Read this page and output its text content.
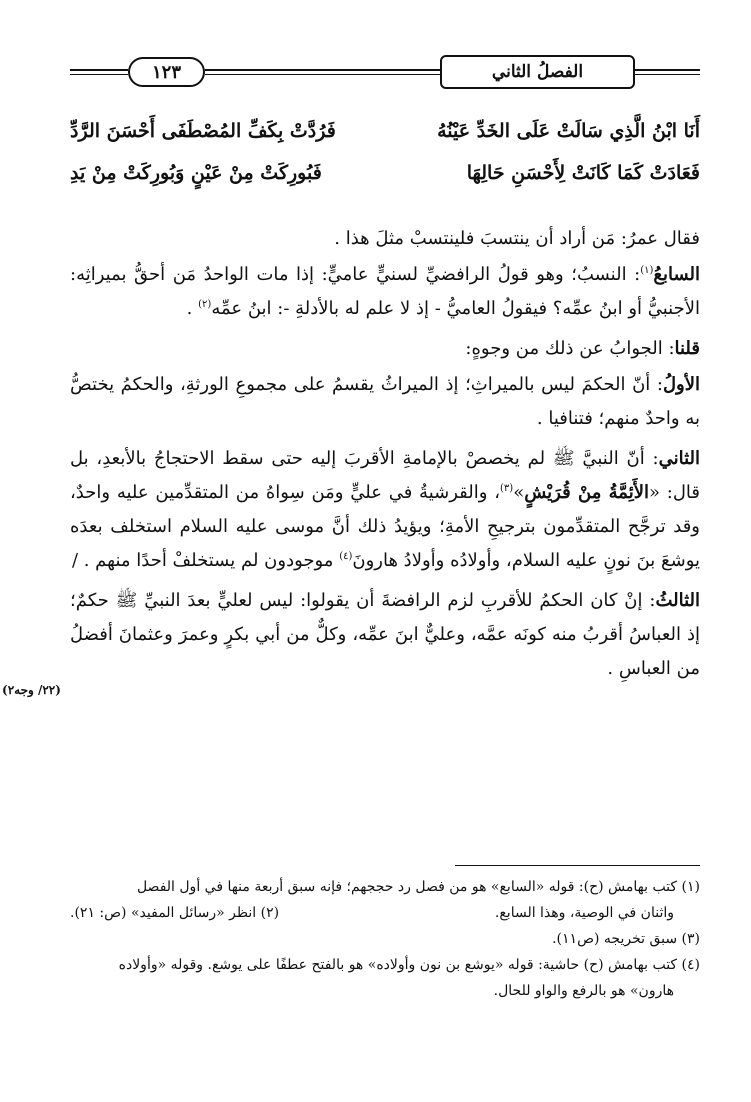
١٢٣	الفصلُ الثاني
أَنَا ابْنُ الَّذِي سَالَتْ عَلَى الخَدِّ عَيْنُهُ
فَرُدَّتْ بِكَفِّ المُصْطَفَى أَحْسَنَ الرَّدِّ
فَعَادَتْ كَمَا كَانَتْ لِأَحْسَنِ حَالِهَا
فَبُورِكَتْ مِنْ عَيْنٍ وَبُورِكَتْ مِنْ يَدِ

فقال عمرُ: مَن أراد أن ينتسبَ فلينتسبْ مثلَ هذا .

السابعُ$^{(١)}$: النسبُ؛ وهو قولُ الرافضيِّ لسنيٍّ عاميٍّ: إذا مات الواحدُ مَن أحقُّ بميراثِه: الأجنبيُّ أو ابنُ عمِّه؟ فيقولُ العاميُّ - إذ لا علم له بالأدلةِ -: ابنُ عمِّه$^{(٢)}$ .

قلنا: الجوابُ عن ذلك من وجوهٍ:

الأولُ: أنّ الحكمَ ليس بالميراثِ؛ إذ الميراثُ يقسمُ على مجموعِ الورثةِ، والحكمُ يختصُّ به واحدٌ منهم؛ فتنافيا .

الثاني: أنّ النبيَّ ﷺ لم يخصصْ بالإمامةِ الأقربَ إليه حتى سقط الاحتجاجُ بالأبعدِ، بل قال: «الأَئِمَّةُ مِنْ قُرَيْشٍ»$^{(٣)}$، والقرشيةُ في عليٍّ ومَن سِواهُ من المتقدِّمين عليه واحدٌ، وقد ترجَّح المتقدِّمون بترجيحِ الأمةِ؛ ويؤيدُ ذلك أنَّ موسى عليه السلام استخلف بعدَه يوشعَ بنَ نونٍ عليه السلام، وأولادُه وأولادُ هارونَ$^{(٤)}$ موجودون لم يستخلفْ أحدًا منهم . /

الثالثُ: إنْ كان الحكمُ للأقربِ لزم الرافضةَ أن يقولوا: ليس لعليٍّ بعدَ النبيِّ ﷺ حكمٌ؛ إذ العباسُ أقربُ منه كونَه عمَّه، وعليٌّ ابنَ عمِّه، وكلٌّ من أبي بكرٍ وعمرَ وعثمانَ أفضلُ من العباسِ .

(٢٢/ وجه٢)

(١) كتب بهامش (ح): قوله «السابع» هو من فصل رد حججهم؛ فإنه سبق أربعة منها في أول الفصل

واثنان في الوصية، وهذا السابع.
(٢) انظر «رسائل المفيد» (ص: ٢١).

(٣) سبق تخريجه (ص١١).

(٤) كتب بهامش (ح) حاشية: قوله «يوشع بن نون وأولاده» هو بالفتح عطفًا على يوشع. وقوله «وأولاده

هارون» هو بالرفع والواو للحال.
